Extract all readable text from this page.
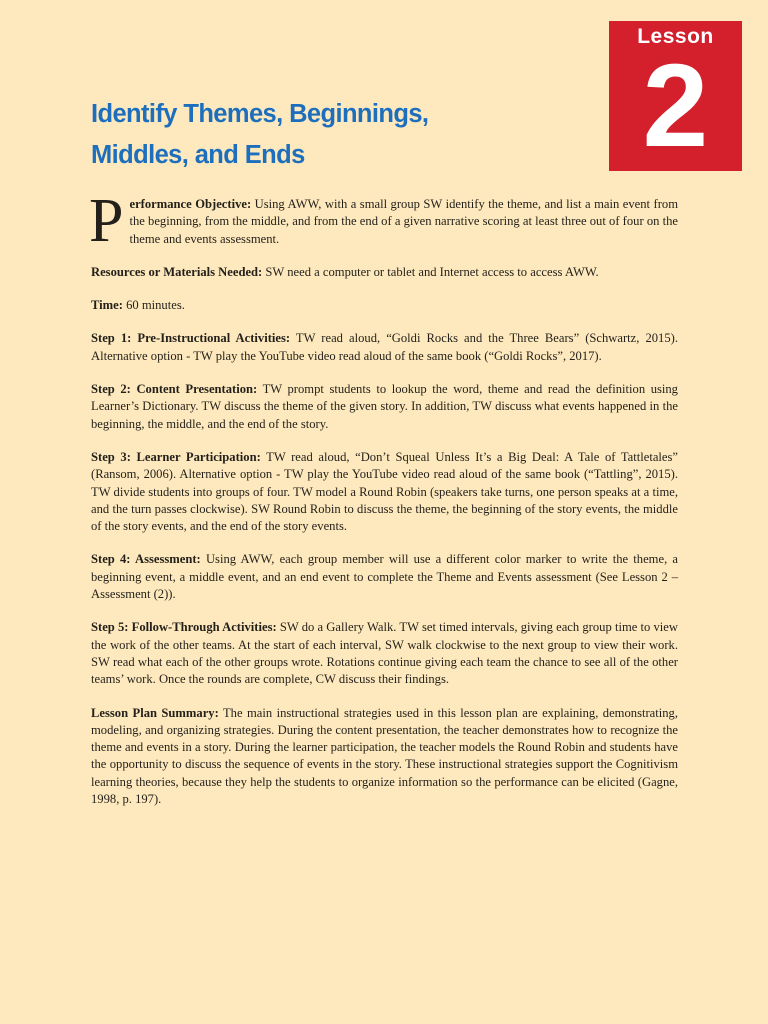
Lesson
2
Identify Themes, Beginnings,
Middles, and Ends

Performance Objective: Using AWW, with a small group SW identify the theme, and list a main event from the beginning, from the middle, and from the end of a given narrative scoring at least three out of four on the theme and events assessment.

Resources or Materials Needed: SW need a computer or tablet and Internet access to access AWW.

Time: 60 minutes.

Step 1: Pre-Instructional Activities: TW read aloud, “Goldi Rocks and the Three Bears” (Schwartz, 2015). Alternative option - TW play the YouTube video read aloud of the same book (“Goldi Rocks”, 2017).

Step 2: Content Presentation: TW prompt students to lookup the word, theme and read the definition using Learner’s Dictionary. TW discuss the theme of the given story. In addition, TW discuss what events happened in the beginning, the middle, and the end of the story.

Step 3: Learner Participation: TW read aloud, “Don’t Squeal Unless It’s a Big Deal: A Tale of Tattletales” (Ransom, 2006). Alternative option - TW play the YouTube video read aloud of the same book (“Tattling”, 2015). TW divide students into groups of four. TW model a Round Robin (speakers take turns, one person speaks at a time, and the turn passes clockwise). SW Round Robin to discuss the theme, the beginning of the story events, the middle of the story events, and the end of the story events.

Step 4: Assessment: Using AWW, each group member will use a different color marker to write the theme, a beginning event, a middle event, and an end event to complete the Theme and Events assessment (See Lesson 2 – Assessment (2)).

Step 5: Follow-Through Activities: SW do a Gallery Walk. TW set timed intervals, giving each group time to view the work of the other teams. At the start of each interval, SW walk clockwise to the next group to view their work. SW read what each of the other groups wrote. Rotations continue giving each team the chance to see all of the other teams’ work. Once the rounds are complete, CW discuss their findings.

Lesson Plan Summary: The main instructional strategies used in this lesson plan are explaining, demonstrating, modeling, and organizing strategies. During the content presentation, the teacher demonstrates how to recognize the theme and events in a story. During the learner participation, the teacher models the Round Robin and students have the opportunity to discuss the sequence of events in the story. These instructional strategies support the Cognitivism learning theories, because they help the students to organize information so the performance can be elicited (Gagne, 1998, p. 197).
